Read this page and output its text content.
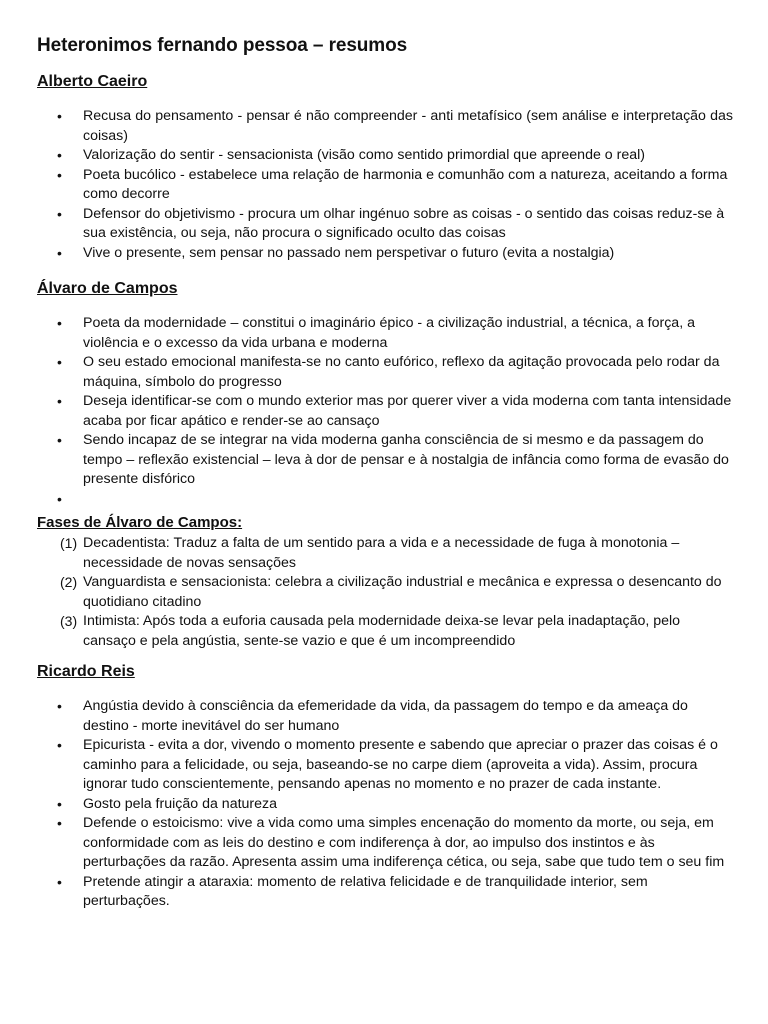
Heteronimos fernando pessoa – resumos
Alberto Caeiro
• Recusa do pensamento - pensar é não compreender - anti metafísico (sem análise e interpretação das coisas)
• Valorização do sentir - sensacionista (visão como sentido primordial que apreende o real)
• Poeta bucólico - estabelece uma relação de harmonia e comunhão com a natureza, aceitando a forma como decorre
• Defensor do objetivismo - procura um olhar ingénuo sobre as coisas - o sentido das coisas reduz-se à sua existência, ou seja, não procura o significado oculto das coisas
• Vive o presente, sem pensar no passado nem perspetivar o futuro (evita a nostalgia)
Álvaro de Campos
• Poeta da modernidade – constitui o imaginário épico - a civilização industrial, a técnica, a força, a violência e o excesso da vida urbana e moderna
• O seu estado emocional manifesta-se no canto eufórico, reflexo da agitação provocada pelo rodar da máquina, símbolo do progresso
• Deseja identificar-se com o mundo exterior mas por querer viver a vida moderna com tanta intensidade acaba por ficar apático e render-se ao cansaço
• Sendo incapaz de se integrar na vida moderna ganha consciência de si mesmo e da passagem do tempo – reflexão existencial – leva à dor de pensar e à nostalgia de infância como forma de evasão do presente disfórico
•

Fases de Álvaro de Campos:
(1) Decadentista: Traduz a falta de um sentido para a vida e a necessidade de fuga à monotonia – necessidade de novas sensações
(2) Vanguardista e sensacionista: celebra a civilização industrial e mecânica e expressa o desencanto do quotidiano citadino
(3) Intimista: Após toda a euforia causada pela modernidade deixa-se levar pela inadaptação, pelo cansaço e pela angústia, sente-se vazio e que é um incompreendido
Ricardo Reis
• Angústia devido à consciência da efemeridade da vida, da passagem do tempo e da ameaça do destino - morte inevitável do ser humano
• Epicurista - evita a dor, vivendo o momento presente e sabendo que apreciar o prazer das coisas é o caminho para a felicidade, ou seja, baseando-se no carpe diem (aproveita a vida). Assim, procura ignorar tudo conscientemente, pensando apenas no momento e no prazer de cada instante.
• Gosto pela fruição da natureza
• Defende o estoicismo: vive a vida como uma simples encenação do momento da morte, ou seja, em conformidade com as leis do destino e com indiferença à dor, ao impulso dos instintos e às perturbações da razão. Apresenta assim uma indiferença cética, ou seja, sabe que tudo tem o seu fim
• Pretende atingir a ataraxia: momento de relativa felicidade e de tranquilidade interior, sem perturbações.
